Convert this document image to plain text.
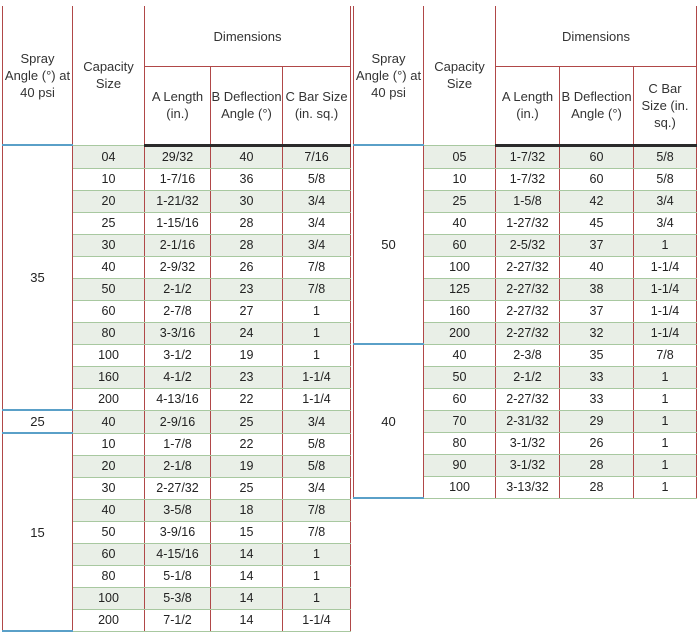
Spray Angle (°) at 40 psi	Capacity Size	Dimensions		
		A Length (in.)	B Deflection Angle (°)	C Bar Size (in. sq.)
35	04	29/32	40	7/16
	10	1-7/16	36	5/8
	20	1-21/32	30	3/4
	25	1-15/16	28	3/4
	30	2-1/16	28	3/4
	40	2-9/32	26	7/8
	50	2-1/2	23	7/8
	60	2-7/8	27	1
	80	3-3/16	24	1
	100	3-1/2	19	1
	160	4-1/2	23	1-1/4
	200	4-13/16	22	1-1/4
25	40	2-9/16	25	3/4
15	10	1-7/8	22	5/8
	20	2-1/8	19	5/8
	30	2-27/32	25	3/4
	40	3-5/8	18	7/8
	50	3-9/16	15	7/8
	60	4-15/16	14	1
	80	5-1/8	14	1
	100	5-3/8	14	1
	200	7-1/2	14	1-1/4
Spray Angle (°) at 40 psi	Capacity Size	Dimensions		
		A Length (in.)	B Deflection Angle (°)	C Bar Size (in. sq.)
50	05	1-7/32	60	5/8
	10	1-7/32	60	5/8
	25	1-5/8	42	3/4
	40	1-27/32	45	3/4
	60	2-5/32	37	1
	100	2-27/32	40	1-1/4
	125	2-27/32	38	1-1/4
	160	2-27/32	37	1-1/4
	200	2-27/32	32	1-1/4
40	40	2-3/8	35	7/8
	50	2-1/2	33	1
	60	2-27/32	33	1
	70	2-31/32	29	1
	80	3-1/32	26	1
	90	3-1/32	28	1
	100	3-13/32	28	1
